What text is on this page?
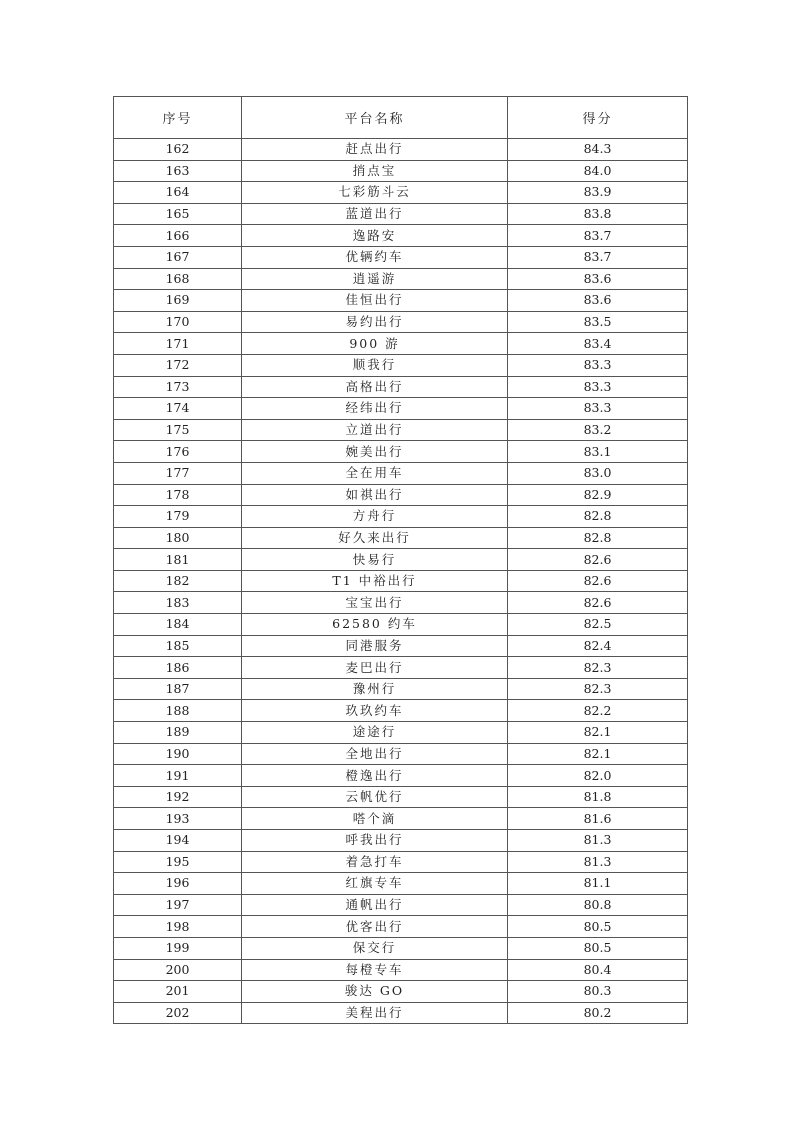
序号	平台名称	得分
162	赶点出行	84.3
163	捎点宝	84.0
164	七彩筋斗云	83.9
165	蓝道出行	83.8
166	逸路安	83.7
167	优辆约车	83.7
168	逍遥游	83.6
169	佳恒出行	83.6
170	易约出行	83.5
171	900 游	83.4
172	顺我行	83.3
173	高格出行	83.3
174	经纬出行	83.3
175	立道出行	83.2
176	婉美出行	83.1
177	全在用车	83.0
178	如祺出行	82.9
179	方舟行	82.8
180	好久来出行	82.8
181	快易行	82.6
182	T1 中裕出行	82.6
183	宝宝出行	82.6
184	62580 约车	82.5
185	同港服务	82.4
186	麦巴出行	82.3
187	豫州行	82.3
188	玖玖约车	82.2
189	途途行	82.1
190	全地出行	82.1
191	橙逸出行	82.0
192	云帆优行	81.8
193	嗒个滴	81.6
194	呼我出行	81.3
195	着急打车	81.3
196	红旗专车	81.1
197	通帆出行	80.8
198	优客出行	80.5
199	保交行	80.5
200	每橙专车	80.4
201	骏达 GO	80.3
202	美程出行	80.2
